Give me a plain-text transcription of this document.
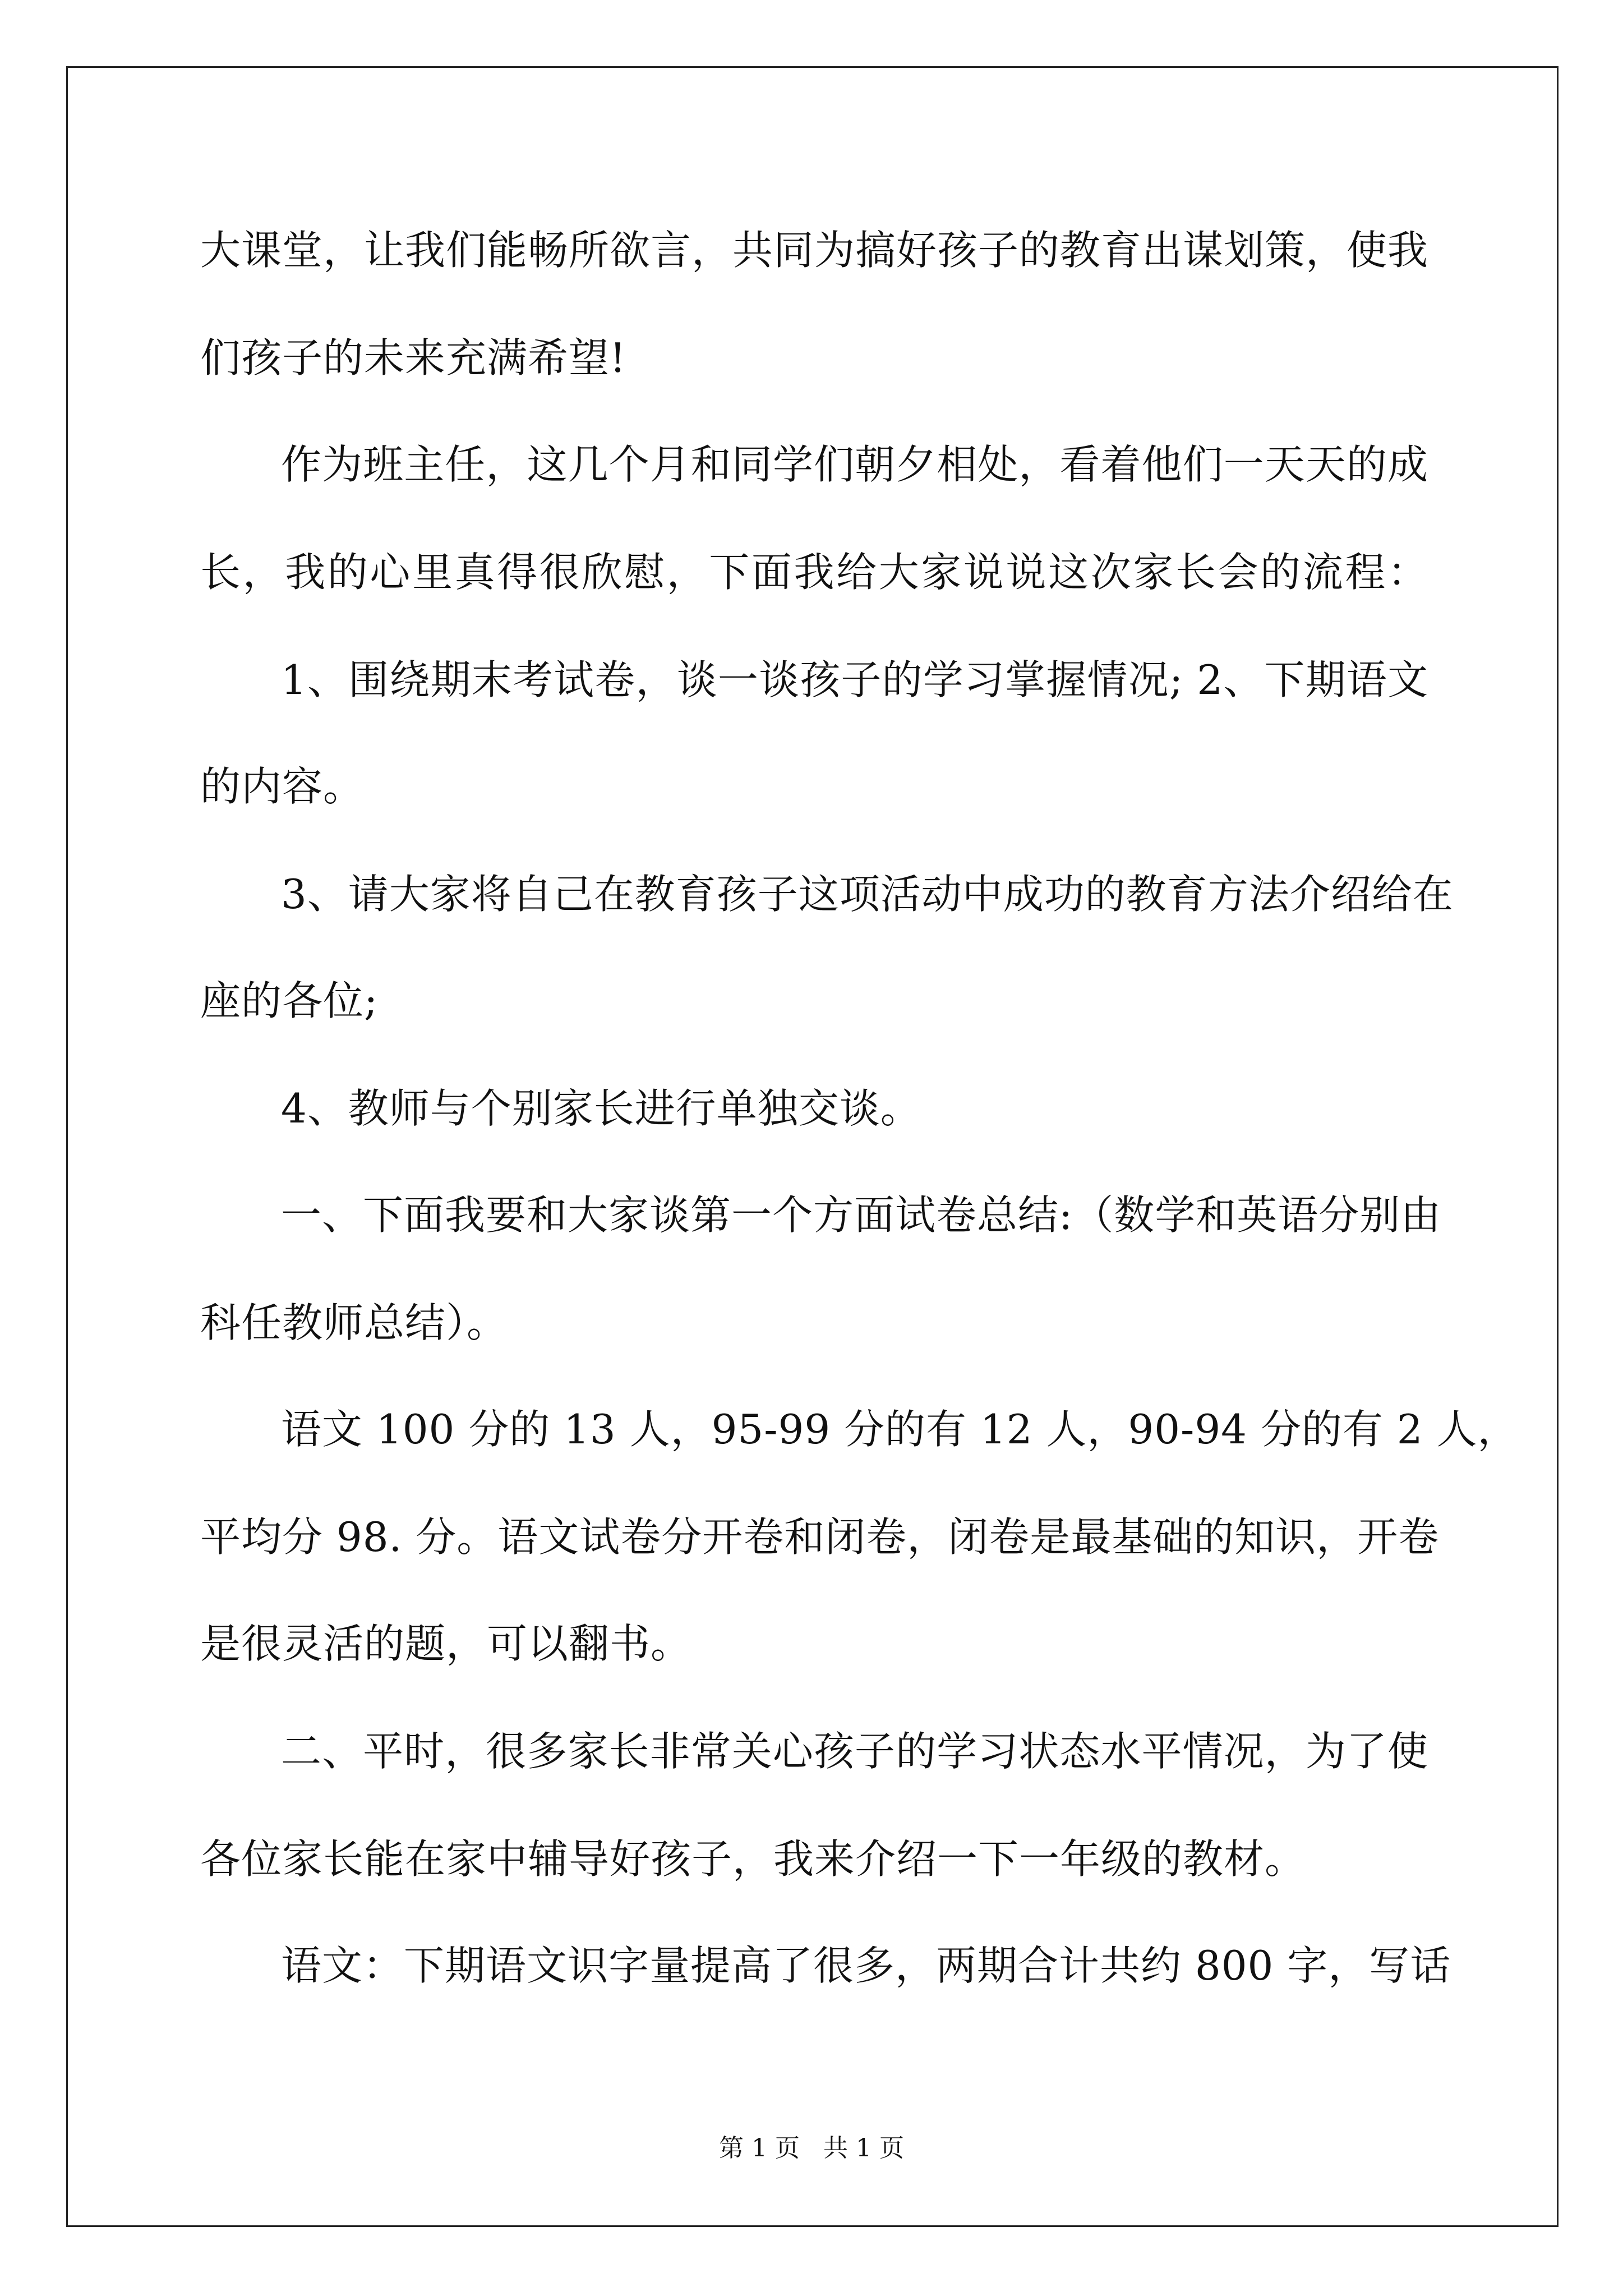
大课堂，让我们能畅所欲言，共同为搞好孩子的教育出谋划策，使我
们孩子的未来充满希望!
作为班主任，这几个月和同学们朝夕相处，看着他们一天天的成
长，我的心里真得很欣慰，下面我给大家说说这次家长会的流程：
1、围绕期末考试卷，谈一谈孩子的学习掌握情况; 2、下期语文
的内容。
3、请大家将自己在教育孩子这项活动中成功的教育方法介绍给在
座的各位;
4、教师与个别家长进行单独交谈。
一、下面我要和大家谈第一个方面试卷总结:（数学和英语分别由
科任教师总结）。
语文 100 分的 13 人，95-99 分的有 12 人，90-94 分的有 2 人，
平均分 98. 分。语文试卷分开卷和闭卷，闭卷是最基础的知识，开卷
是很灵活的题，可以翻书。
二、平时，很多家长非常关心孩子的学习状态水平情况，为了使
各位家长能在家中辅导好孩子，我来介绍一下一年级的教材。
语文：下期语文识字量提高了很多，两期合计共约 800 字，写话
第 1 页 共 1 页
